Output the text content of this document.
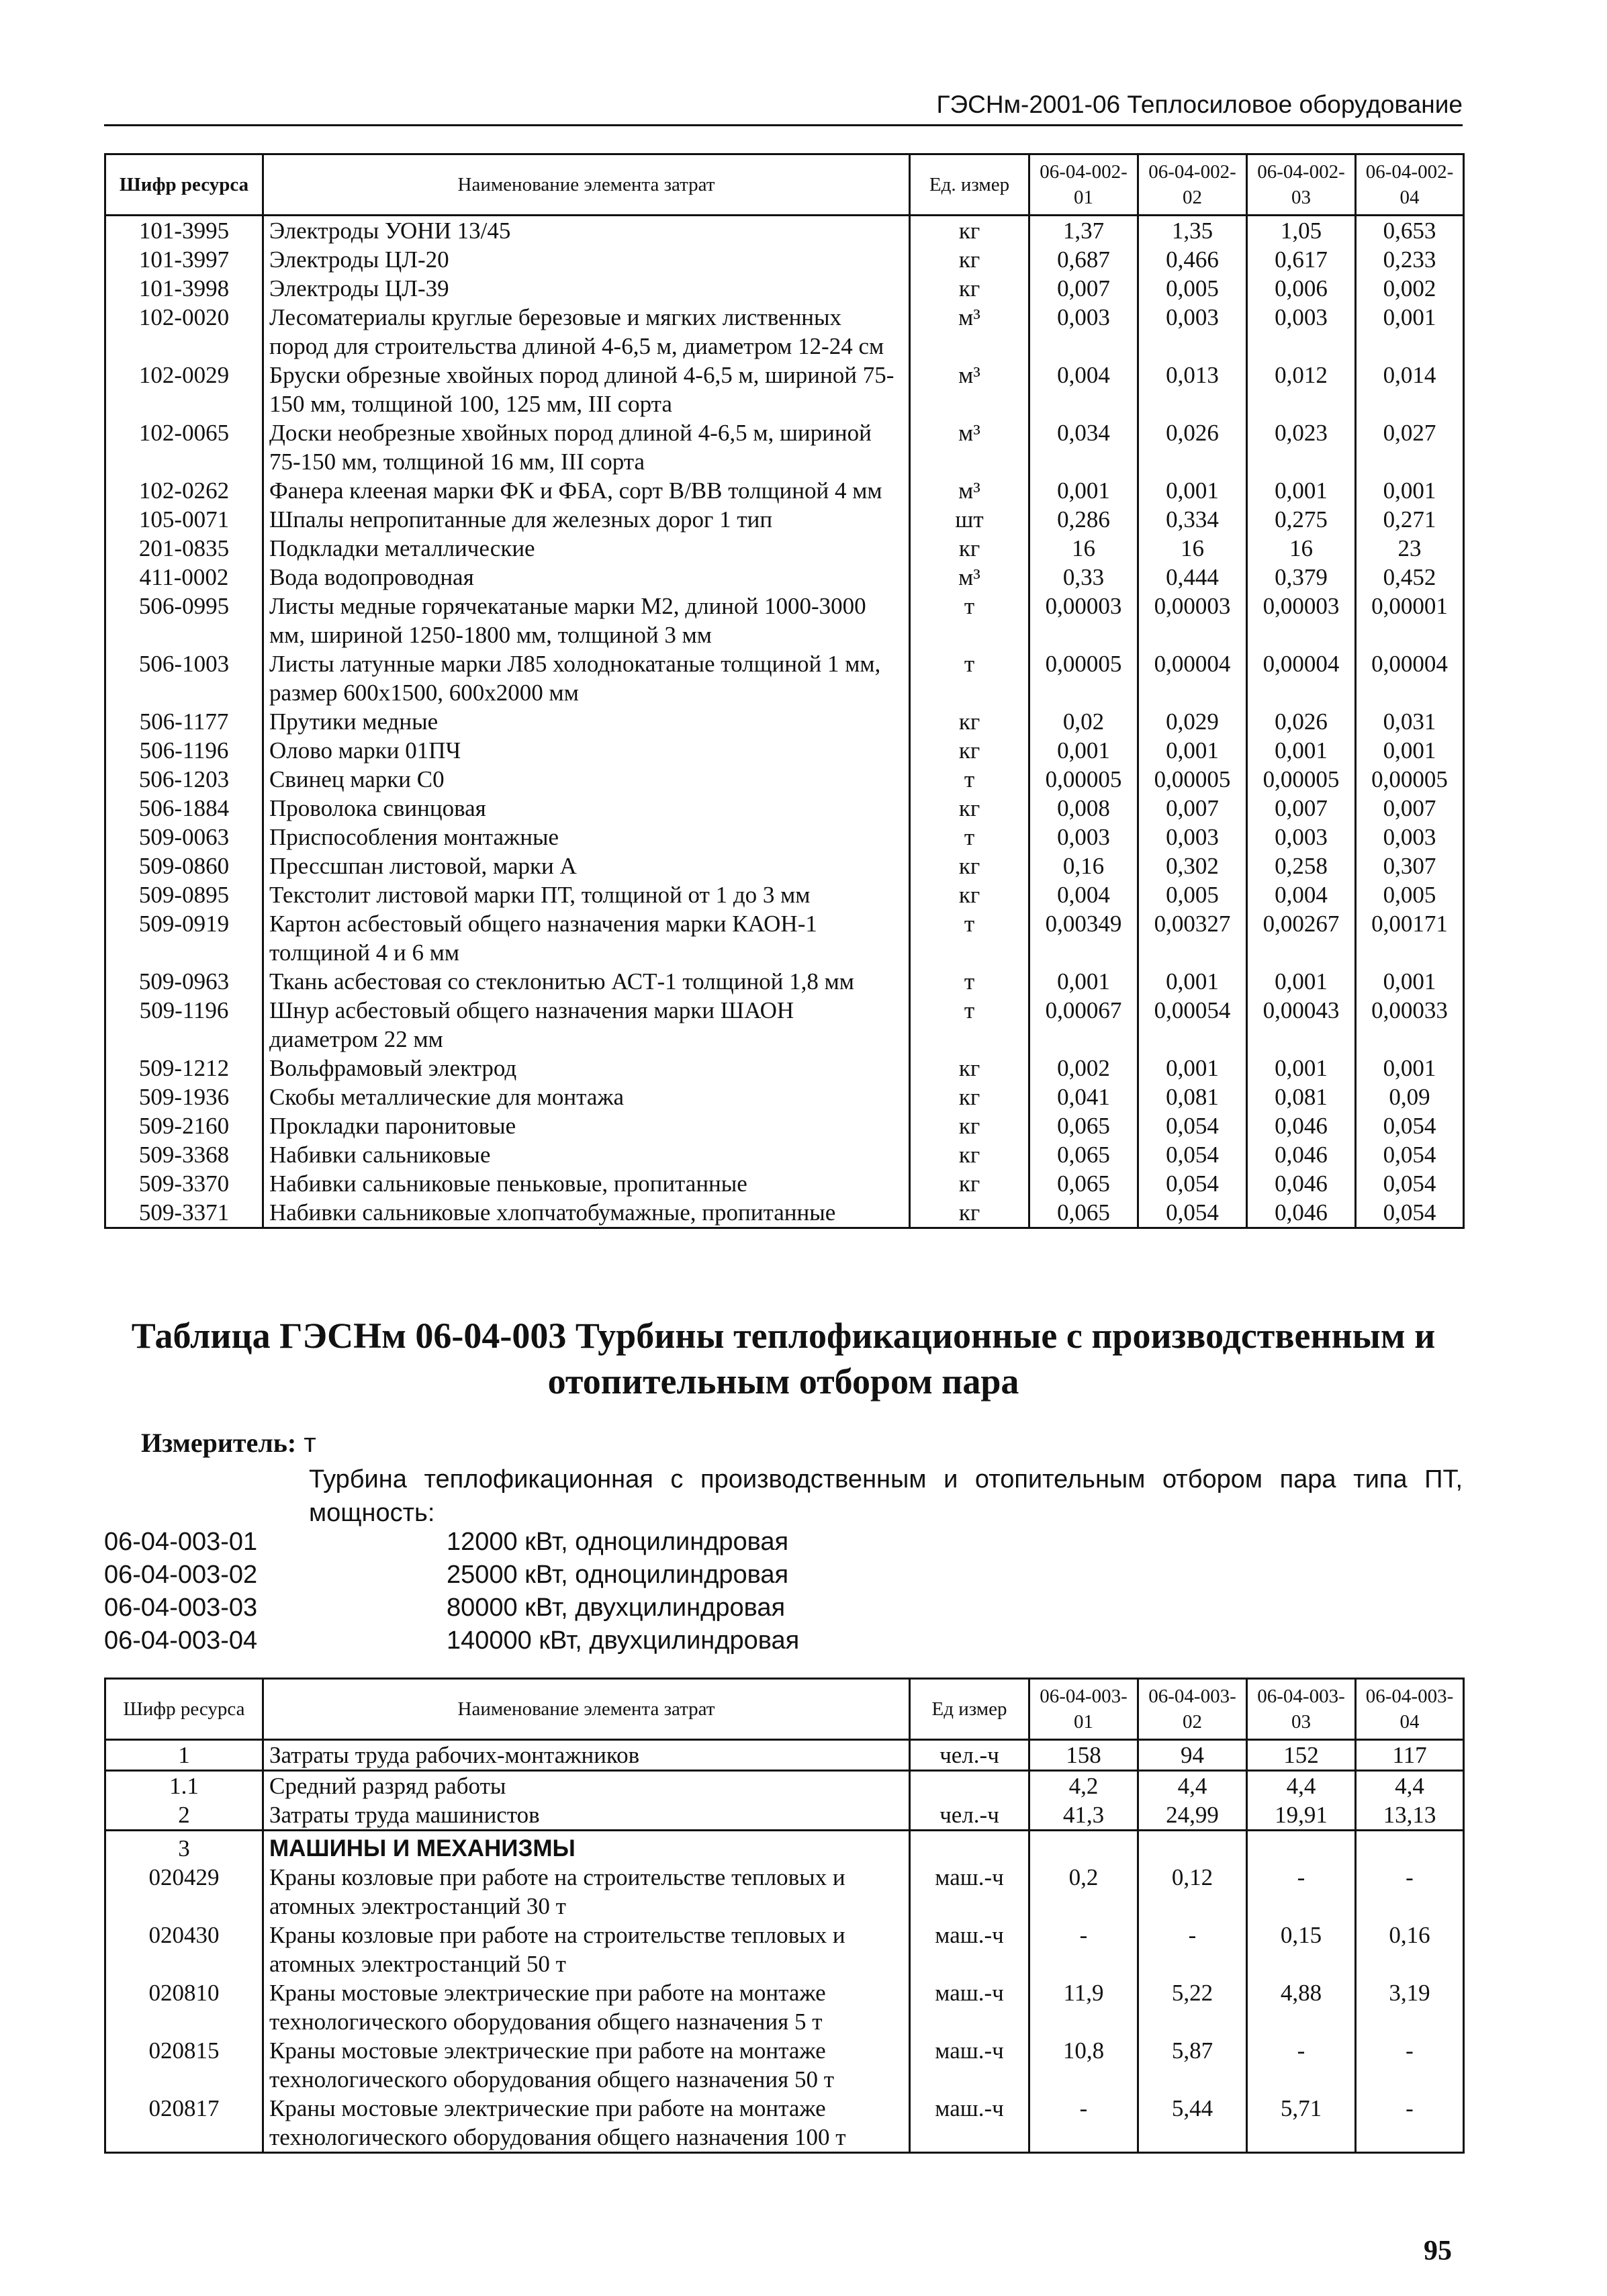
ГЭСНм-2001-06 Теплосиловое оборудование
Шифр ресурса	Наименование элемента затрат	Ед. измер	06-04-002-01	06-04-002-02	06-04-002-03	06-04-002-04
101-3995	Электроды УОНИ 13/45	кг	1,37	1,35	1,05	0,653
101-3997	Электроды ЦЛ-20	кг	0,687	0,466	0,617	0,233
101-3998	Электроды ЦЛ-39	кг	0,007	0,005	0,006	0,002
102-0020	Лесоматериалы круглые березовые и мягких лиственных пород для строительства длиной 4-6,5 м, диаметром 12-24 см	м³	0,003	0,003	0,003	0,001
102-0029	Бруски обрезные хвойных пород длиной 4-6,5 м, шириной 75-150 мм, толщиной 100, 125 мм, III сорта	м³	0,004	0,013	0,012	0,014
102-0065	Доски необрезные хвойных пород длиной 4-6,5 м, шириной 75-150 мм, толщиной 16 мм, III сорта	м³	0,034	0,026	0,023	0,027
102-0262	Фанера клееная марки ФК и ФБА, сорт В/ВВ толщиной 4 мм	м³	0,001	0,001	0,001	0,001
105-0071	Шпалы непропитанные для железных дорог 1 тип	шт	0,286	0,334	0,275	0,271
201-0835	Подкладки металлические	кг	16	16	16	23
411-0002	Вода водопроводная	м³	0,33	0,444	0,379	0,452
506-0995	Листы медные горячекатаные марки М2, длиной 1000-3000 мм, шириной 1250-1800 мм, толщиной 3 мм	т	0,00003	0,00003	0,00003	0,00001
506-1003	Листы латунные марки Л85 холоднокатаные толщиной 1 мм, размер 600x1500, 600x2000 мм	т	0,00005	0,00004	0,00004	0,00004
506-1177	Прутики медные	кг	0,02	0,029	0,026	0,031
506-1196	Олово марки 01ПЧ	кг	0,001	0,001	0,001	0,001
506-1203	Свинец марки С0	т	0,00005	0,00005	0,00005	0,00005
506-1884	Проволока свинцовая	кг	0,008	0,007	0,007	0,007
509-0063	Приспособления монтажные	т	0,003	0,003	0,003	0,003
509-0860	Прессшпан листовой, марки А	кг	0,16	0,302	0,258	0,307
509-0895	Текстолит листовой марки ПТ, толщиной от 1 до 3 мм	кг	0,004	0,005	0,004	0,005
509-0919	Картон асбестовый общего назначения марки КАОН-1 толщиной 4 и 6 мм	т	0,00349	0,00327	0,00267	0,00171
509-0963	Ткань асбестовая со стеклонитью АСТ-1 толщиной 1,8 мм	т	0,001	0,001	0,001	0,001
509-1196	Шнур асбестовый общего назначения марки ШАОН диаметром 22 мм	т	0,00067	0,00054	0,00043	0,00033
509-1212	Вольфрамовый электрод	кг	0,002	0,001	0,001	0,001
509-1936	Скобы металлические для монтажа	кг	0,041	0,081	0,081	0,09
509-2160	Прокладки паронитовые	кг	0,065	0,054	0,046	0,054
509-3368	Набивки сальниковые	кг	0,065	0,054	0,046	0,054
509-3370	Набивки сальниковые пеньковые, пропитанные	кг	0,065	0,054	0,046	0,054
509-3371	Набивки сальниковые хлопчатобумажные, пропитанные	кг	0,065	0,054	0,046	0,054
Таблица ГЭСНм 06-04-003 Турбины теплофикационные с производственным и отопительным отбором пара
Измеритель: т
Турбина теплофикационная с производственным и отопительным отбором пара типа ПТ, мощность:
06-04-003-01	12000 кВт, одноцилиндровая
06-04-003-02	25000 кВт, одноцилиндровая
06-04-003-03	80000 кВт, двухцилиндровая
06-04-003-04	140000 кВт, двухцилиндровая
Шифр ресурса	Наименование элемента затрат	Ед измер	06-04-003-01	06-04-003-02	06-04-003-03	06-04-003-04
1	Затраты труда рабочих-монтажников	чел.-ч	158	94	152	117
1.1	Средний разряд работы		4,2	4,4	4,4	4,4
2	Затраты труда машинистов	чел.-ч	41,3	24,99	19,91	13,13
3	МАШИНЫ И МЕХАНИЗМЫ					
020429	Краны козловые при работе на строительстве тепловых и атомных электростанций 30 т	маш.-ч	0,2	0,12	-	-
020430	Краны козловые при работе на строительстве тепловых и атомных электростанций 50 т	маш.-ч	-	-	0,15	0,16
020810	Краны мостовые электрические при работе на монтаже технологического оборудования общего назначения 5 т	маш.-ч	11,9	5,22	4,88	3,19
020815	Краны мостовые электрические при работе на монтаже технологического оборудования общего назначения 50 т	маш.-ч	10,8	5,87	-	-
020817	Краны мостовые электрические при работе на монтаже технологического оборудования общего назначения 100 т	маш.-ч	-	5,44	5,71	-
95
